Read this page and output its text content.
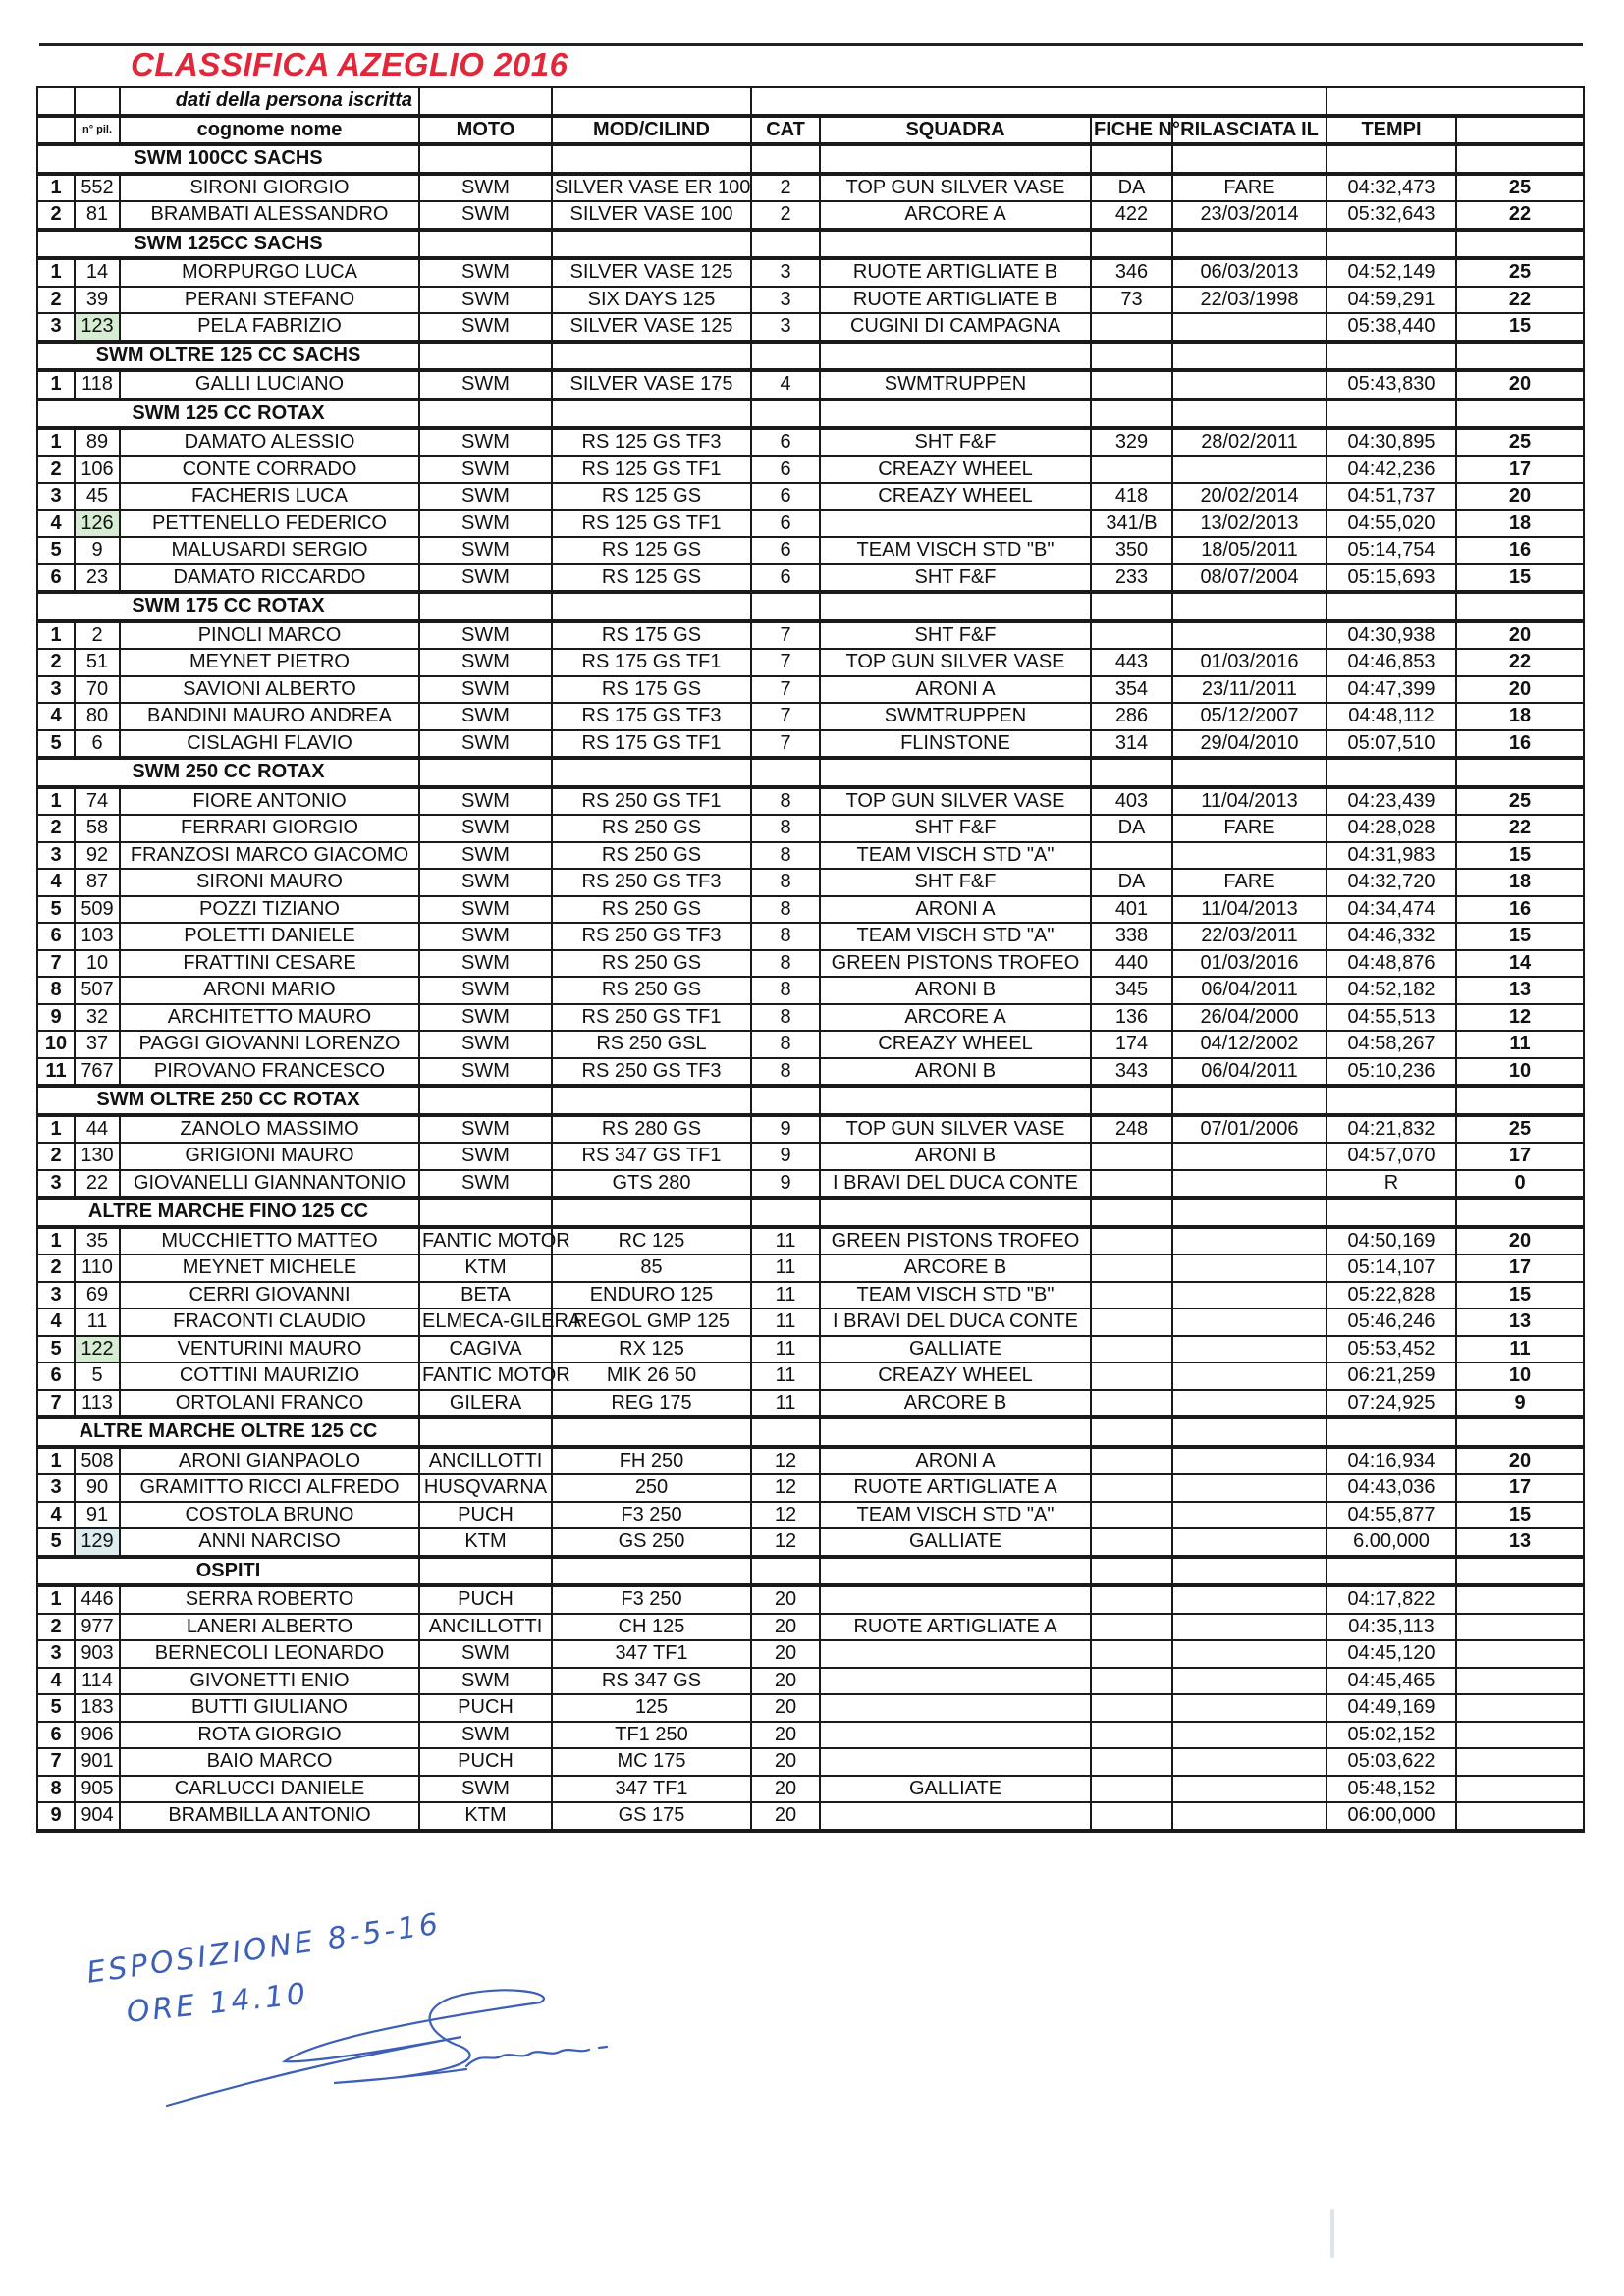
CLASSIFICA AZEGLIO 2016
		dati della persona iscritta								
	n° pil.	cognome nome	MOTO	MOD/CILIND	CAT	SQUADRA	FICHE N°	RILASCIATA IL	TEMPI	
SWM 100CC SACHS										
1	552	SIRONI GIORGIO	SWM	SILVER VASE ER 100	2	TOP GUN SILVER VASE	DA	FARE	04:32,473	25
2	81	BRAMBATI ALESSANDRO	SWM	SILVER VASE 100	2	ARCORE A	422	23/03/2014	05:32,643	22
SWM 125CC SACHS										
1	14	MORPURGO LUCA	SWM	SILVER VASE 125	3	RUOTE ARTIGLIATE B	346	06/03/2013	04:52,149	25
2	39	PERANI STEFANO	SWM	SIX DAYS 125	3	RUOTE ARTIGLIATE B	73	22/03/1998	04:59,291	22
3	123	PELA FABRIZIO	SWM	SILVER VASE 125	3	CUGINI DI CAMPAGNA			05:38,440	15
SWM OLTRE 125 CC SACHS										
1	118	GALLI LUCIANO	SWM	SILVER VASE 175	4	SWMTRUPPEN			05:43,830	20
SWM 125 CC ROTAX										
1	89	DAMATO ALESSIO	SWM	RS 125 GS TF3	6	SHT F&F	329	28/02/2011	04:30,895	25
2	106	CONTE CORRADO	SWM	RS 125 GS TF1	6	CREAZY WHEEL			04:42,236	17
3	45	FACHERIS LUCA	SWM	RS 125 GS	6	CREAZY WHEEL	418	20/02/2014	04:51,737	20
4	126	PETTENELLO FEDERICO	SWM	RS 125 GS TF1	6		341/B	13/02/2013	04:55,020	18
5	9	MALUSARDI SERGIO	SWM	RS 125 GS	6	TEAM VISCH STD "B"	350	18/05/2011	05:14,754	16
6	23	DAMATO RICCARDO	SWM	RS 125 GS	6	SHT F&F	233	08/07/2004	05:15,693	15
SWM 175 CC ROTAX										
1	2	PINOLI MARCO	SWM	RS 175 GS	7	SHT F&F			04:30,938	20
2	51	MEYNET PIETRO	SWM	RS 175 GS TF1	7	TOP GUN SILVER VASE	443	01/03/2016	04:46,853	22
3	70	SAVIONI ALBERTO	SWM	RS 175 GS	7	ARONI A	354	23/11/2011	04:47,399	20
4	80	BANDINI MAURO ANDREA	SWM	RS 175 GS TF3	7	SWMTRUPPEN	286	05/12/2007	04:48,112	18
5	6	CISLAGHI FLAVIO	SWM	RS 175 GS TF1	7	FLINSTONE	314	29/04/2010	05:07,510	16
SWM 250 CC ROTAX										
1	74	FIORE ANTONIO	SWM	RS 250 GS TF1	8	TOP GUN SILVER VASE	403	11/04/2013	04:23,439	25
2	58	FERRARI GIORGIO	SWM	RS 250 GS	8	SHT F&F	DA	FARE	04:28,028	22
3	92	FRANZOSI MARCO GIACOMO	SWM	RS 250 GS	8	TEAM VISCH STD "A"			04:31,983	15
4	87	SIRONI MAURO	SWM	RS 250 GS TF3	8	SHT F&F	DA	FARE	04:32,720	18
5	509	POZZI TIZIANO	SWM	RS 250 GS	8	ARONI A	401	11/04/2013	04:34,474	16
6	103	POLETTI DANIELE	SWM	RS 250 GS TF3	8	TEAM VISCH STD "A"	338	22/03/2011	04:46,332	15
7	10	FRATTINI CESARE	SWM	RS 250 GS	8	GREEN PISTONS TROFEO	440	01/03/2016	04:48,876	14
8	507	ARONI MARIO	SWM	RS 250 GS	8	ARONI B	345	06/04/2011	04:52,182	13
9	32	ARCHITETTO MAURO	SWM	RS 250 GS TF1	8	ARCORE A	136	26/04/2000	04:55,513	12
10	37	PAGGI GIOVANNI LORENZO	SWM	RS 250 GSL	8	CREAZY WHEEL	174	04/12/2002	04:58,267	11
11	767	PIROVANO FRANCESCO	SWM	RS 250 GS TF3	8	ARONI B	343	06/04/2011	05:10,236	10
SWM OLTRE 250 CC ROTAX										
1	44	ZANOLO MASSIMO	SWM	RS 280 GS	9	TOP GUN SILVER VASE	248	07/01/2006	04:21,832	25
2	130	GRIGIONI MAURO	SWM	RS 347 GS TF1	9	ARONI B			04:57,070	17
3	22	GIOVANELLI GIANNANTONIO	SWM	GTS 280	9	I BRAVI DEL DUCA CONTE			R	0
ALTRE MARCHE FINO 125 CC										
1	35	MUCCHIETTO MATTEO	FANTIC MOTOR	RC 125	11	GREEN PISTONS TROFEO			04:50,169	20
2	110	MEYNET MICHELE	KTM	85	11	ARCORE B			05:14,107	17
3	69	CERRI GIOVANNI	BETA	ENDURO 125	11	TEAM VISCH STD "B"			05:22,828	15
4	11	FRACONTI CLAUDIO	ELMECA-GILERA	REGOL GMP 125	11	I BRAVI DEL DUCA CONTE			05:46,246	13
5	122	VENTURINI MAURO	CAGIVA	RX 125	11	GALLIATE			05:53,452	11
6	5	COTTINI MAURIZIO	FANTIC MOTOR	MIK 26 50	11	CREAZY WHEEL			06:21,259	10
7	113	ORTOLANI FRANCO	GILERA	REG 175	11	ARCORE B			07:24,925	9
ALTRE MARCHE OLTRE 125 CC										
1	508	ARONI GIANPAOLO	ANCILLOTTI	FH 250	12	ARONI A			04:16,934	20
3	90	GRAMITTO RICCI ALFREDO	HUSQVARNA	250	12	RUOTE ARTIGLIATE A			04:43,036	17
4	91	COSTOLA BRUNO	PUCH	F3 250	12	TEAM VISCH STD "A"			04:55,877	15
5	129	ANNI NARCISO	KTM	GS 250	12	GALLIATE			6.00,000	13
OSPITI										
1	446	SERRA ROBERTO	PUCH	F3 250	20				04:17,822	
2	977	LANERI ALBERTO	ANCILLOTTI	CH 125	20	RUOTE ARTIGLIATE A			04:35,113	
3	903	BERNECOLI LEONARDO	SWM	347 TF1	20				04:45,120	
4	114	GIVONETTI ENIO	SWM	RS 347 GS	20				04:45,465	
5	183	BUTTI GIULIANO	PUCH	125	20				04:49,169	
6	906	ROTA GIORGIO	SWM	TF1 250	20				05:02,152	
7	901	BAIO MARCO	PUCH	MC 175	20				05:03,622	
8	905	CARLUCCI DANIELE	SWM	347 TF1	20	GALLIATE			05:48,152	
9	904	BRAMBILLA ANTONIO	KTM	GS 175	20				06:00,000	
ESPOSIZIONE 8-5-16
ORE 14.10
